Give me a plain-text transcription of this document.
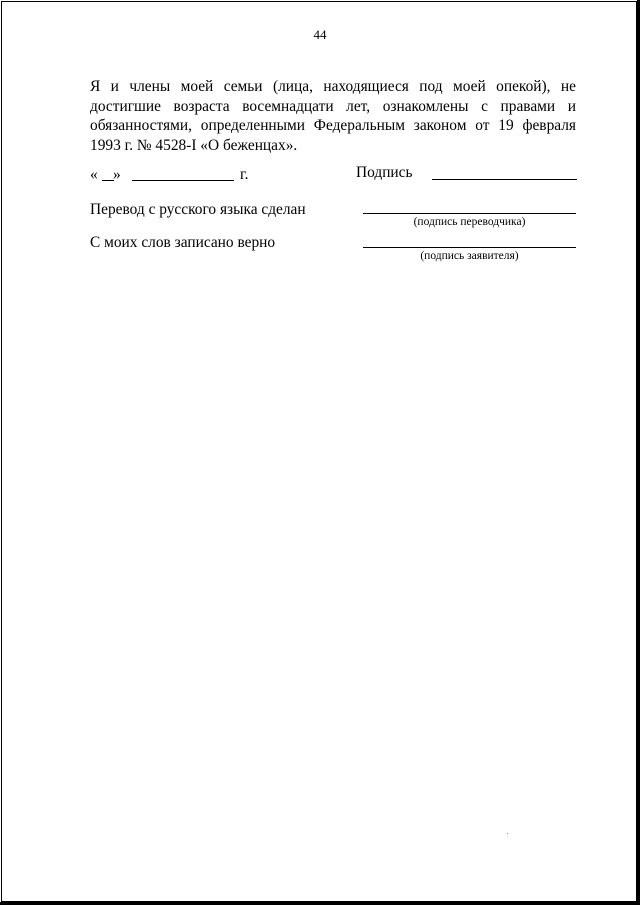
44
Я и члены моей семьи (лица, находящиеся под моей опекой), не достигшие возраста восемнадцати лет, ознакомлены с правами и обязанностями, определенными Федеральным законом от 19 февраля 1993 г. № 4528-I «О беженцах».
« »	г.	Подпись
Перевод с русского языка сделан
(подпись переводчика)
С моих слов записано верно
(подпись заявителя)
